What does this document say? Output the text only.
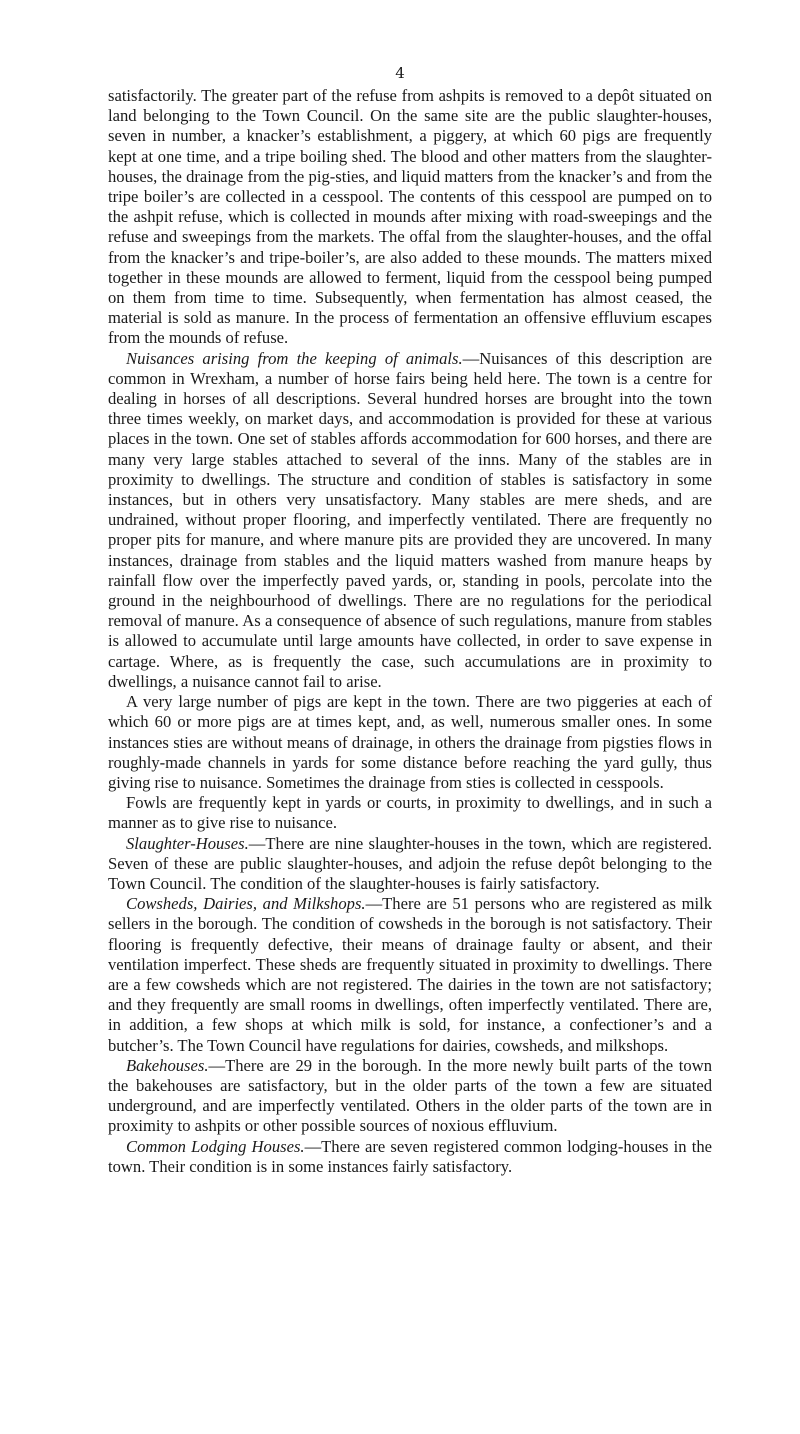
4

satisfactorily. The greater part of the refuse from ashpits is removed to a depôt situated on land belonging to the Town Council. On the same site are the public slaughter-houses, seven in number, a knacker’s establishment, a piggery, at which 60 pigs are frequently kept at one time, and a tripe boiling shed. The blood and other matters from the slaughter-houses, the drainage from the pig-sties, and liquid matters from the knacker’s and from the tripe boiler’s are collected in a cesspool. The contents of this cesspool are pumped on to the ashpit refuse, which is collected in mounds after mixing with road-sweepings and the refuse and sweepings from the markets. The offal from the slaughter-houses, and the offal from the knacker’s and tripe-boiler’s, are also added to these mounds. The matters mixed together in these mounds are allowed to ferment, liquid from the cesspool being pumped on them from time to time. Subsequently, when fermentation has almost ceased, the material is sold as manure. In the process of fermentation an offensive effluvium escapes from the mounds of refuse.

Nuisances arising from the keeping of animals.—Nuisances of this description are common in Wrexham, a number of horse fairs being held here. The town is a centre for dealing in horses of all descriptions. Several hundred horses are brought into the town three times weekly, on market days, and accommodation is provided for these at various places in the town. One set of stables affords accommodation for 600 horses, and there are many very large stables attached to several of the inns. Many of the stables are in proximity to dwellings. The structure and condition of stables is satisfactory in some instances, but in others very unsatisfactory. Many stables are mere sheds, and are undrained, without proper flooring, and imperfectly ventilated. There are frequently no proper pits for manure, and where manure pits are provided they are uncovered. In many instances, drainage from stables and the liquid matters washed from manure heaps by rainfall flow over the imperfectly paved yards, or, standing in pools, percolate into the ground in the neighbourhood of dwellings. There are no regulations for the periodical removal of manure. As a consequence of absence of such regulations, manure from stables is allowed to accumulate until large amounts have collected, in order to save expense in cartage. Where, as is frequently the case, such accumulations are in proximity to dwellings, a nuisance cannot fail to arise.

A very large number of pigs are kept in the town. There are two piggeries at each of which 60 or more pigs are at times kept, and, as well, numerous smaller ones. In some instances sties are without means of drainage, in others the drainage from pigsties flows in roughly-made channels in yards for some distance before reaching the yard gully, thus giving rise to nuisance. Sometimes the drainage from sties is collected in cesspools.

Fowls are frequently kept in yards or courts, in proximity to dwellings, and in such a manner as to give rise to nuisance.

Slaughter-Houses.—There are nine slaughter-houses in the town, which are registered. Seven of these are public slaughter-houses, and adjoin the refuse depôt belonging to the Town Council. The condition of the slaughter-houses is fairly satisfactory.

Cowsheds, Dairies, and Milkshops.—There are 51 persons who are registered as milk sellers in the borough. The condition of cowsheds in the borough is not satisfactory. Their flooring is frequently defective, their means of drainage faulty or absent, and their ventilation imperfect. These sheds are frequently situated in proximity to dwellings. There are a few cowsheds which are not registered. The dairies in the town are not satisfactory; and they frequently are small rooms in dwellings, often imperfectly ventilated. There are, in addition, a few shops at which milk is sold, for instance, a confectioner’s and a butcher’s. The Town Council have regulations for dairies, cowsheds, and milkshops.

Bakehouses.—There are 29 in the borough. In the more newly built parts of the town the bakehouses are satisfactory, but in the older parts of the town a few are situated underground, and are imperfectly ventilated. Others in the older parts of the town are in proximity to ashpits or other possible sources of noxious effluvium.

Common Lodging Houses.—There are seven registered common lodging-houses in the town. Their condition is in some instances fairly satisfactory.
